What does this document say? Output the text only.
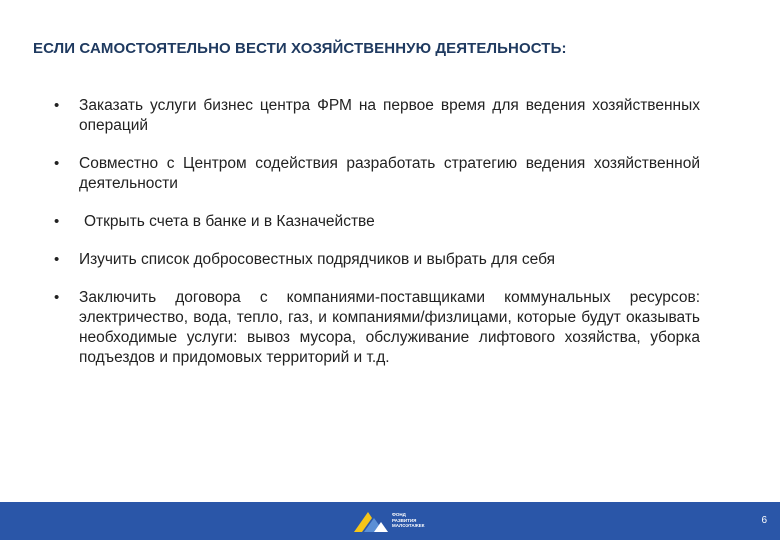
ЕСЛИ САМОСТОЯТЕЛЬНО ВЕСТИ ХОЗЯЙСТВЕННУЮ ДЕЯТЕЛЬНОСТЬ:
• Заказать услуги бизнес центра ФРМ на первое время для ведения хозяйственных операций
• Совместно с Центром содействия разработать стратегию ведения хозяйственной деятельности
• Открыть счета в банке и в Казначействе
• Изучить список добросовестных подрядчиков и выбрать для себя
• Заключить договора с компаниями-поставщиками коммунальных ресурсов: электричество, вода, тепло, газ, и компаниями/физлицами, которые будут оказывать необходимые услуги: вывоз мусора, обслуживание лифтового хозяйства, уборка подъездов и придомовых территорий и т.д.
ФОНД
РАЗВИТИЯ
МАЛОЭТАЖЕК	6
